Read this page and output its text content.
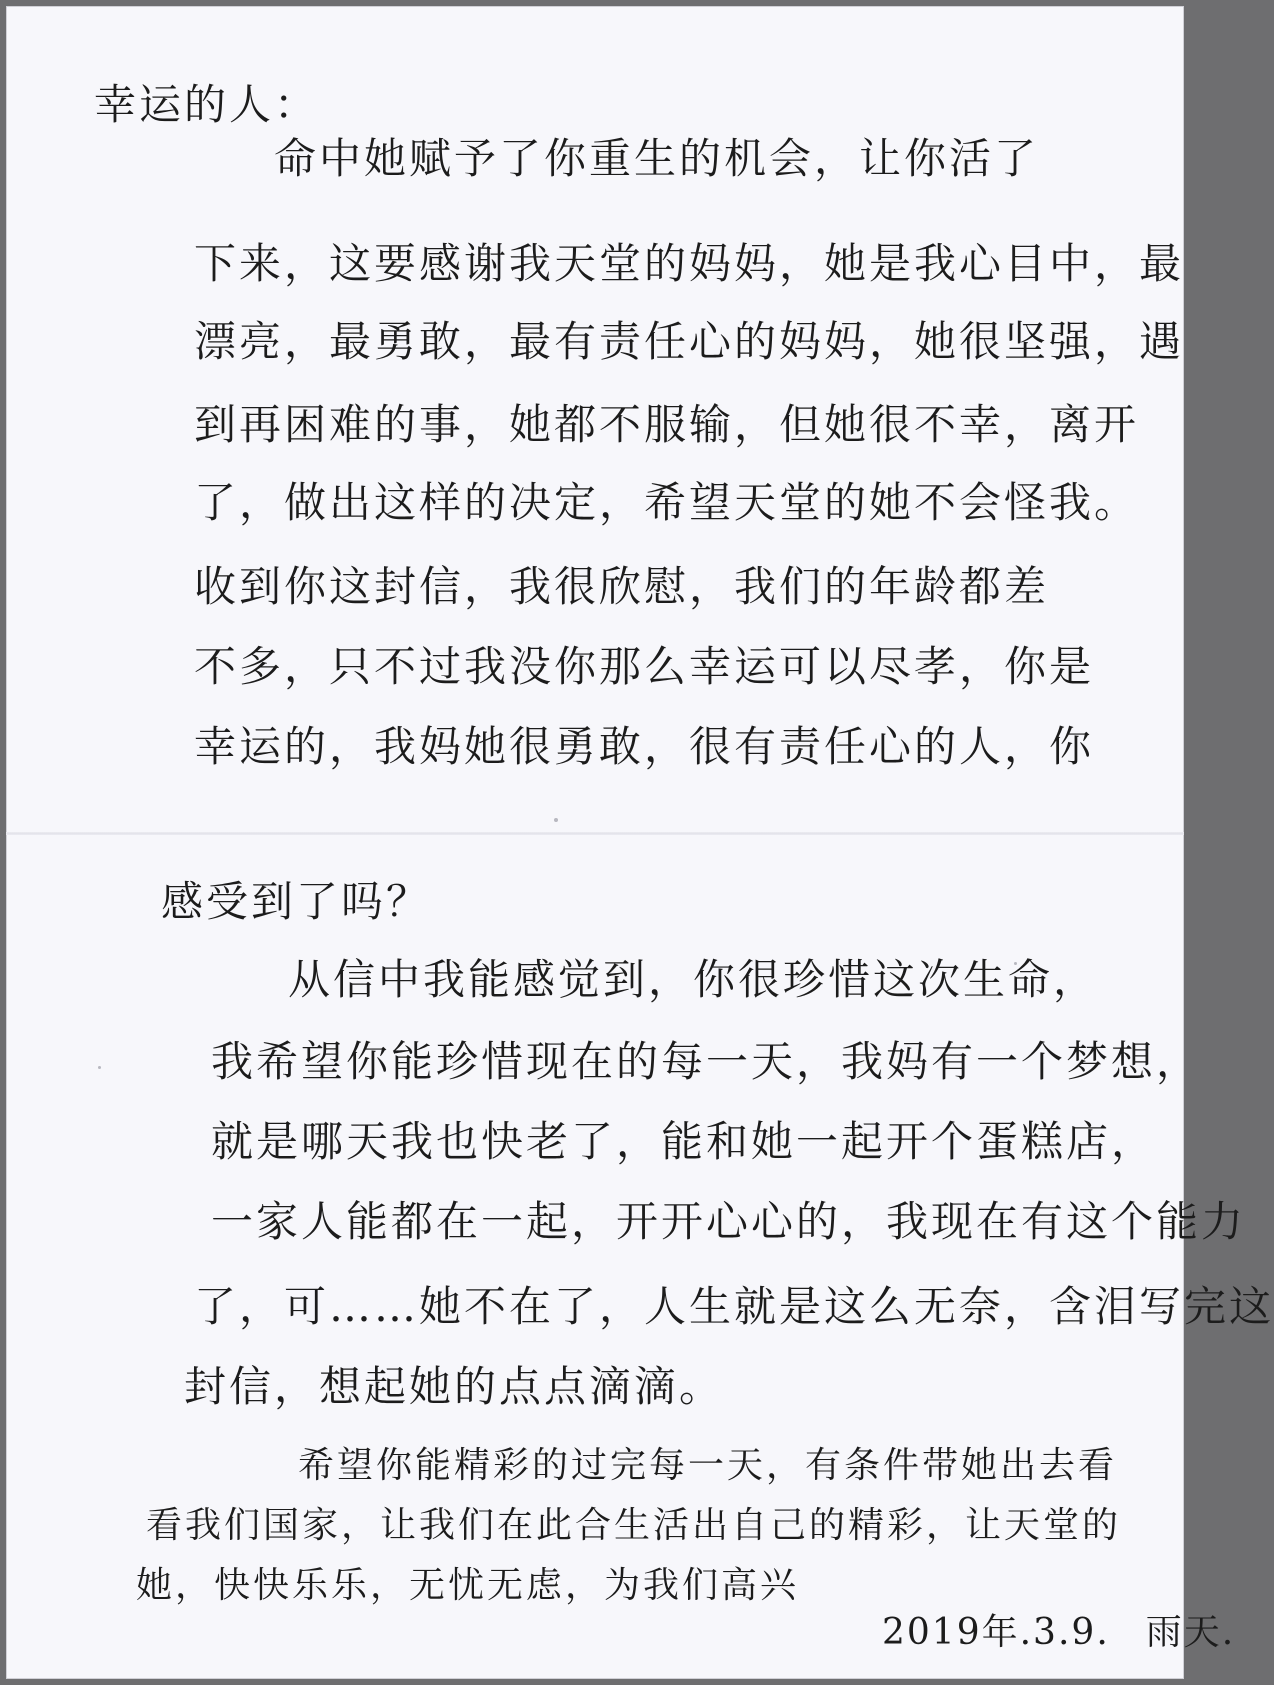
幸运的人：

命中她赋予了你重生的机会，让你活了

下来，这要感谢我天堂的妈妈，她是我心目中，最

漂亮，最勇敢，最有责任心的妈妈，她很坚强，遇

到再困难的事，她都不服输，但她很不幸，离开

了，做出这样的决定，希望天堂的她不会怪我。

收到你这封信，我很欣慰，我们的年龄都差

不多，只不过我没你那么幸运可以尽孝，你是

幸运的，我妈她很勇敢，很有责任心的人，你

感受到了吗？

从信中我能感觉到，你很珍惜这次生命，

我希望你能珍惜现在的每一天，我妈有一个梦想，

就是哪天我也快老了，能和她一起开个蛋糕店，

一家人能都在一起，开开心心的，我现在有这个能力

了，可……她不在了，人生就是这么无奈，含泪写完这

封信，想起她的点点滴滴。

希望你能精彩的过完每一天，有条件带她出去看

看我们国家，让我们在此合生活出自己的精彩，让天堂的

她，快快乐乐，无忧无虑，为我们高兴

2019年.3.9. 雨天.
